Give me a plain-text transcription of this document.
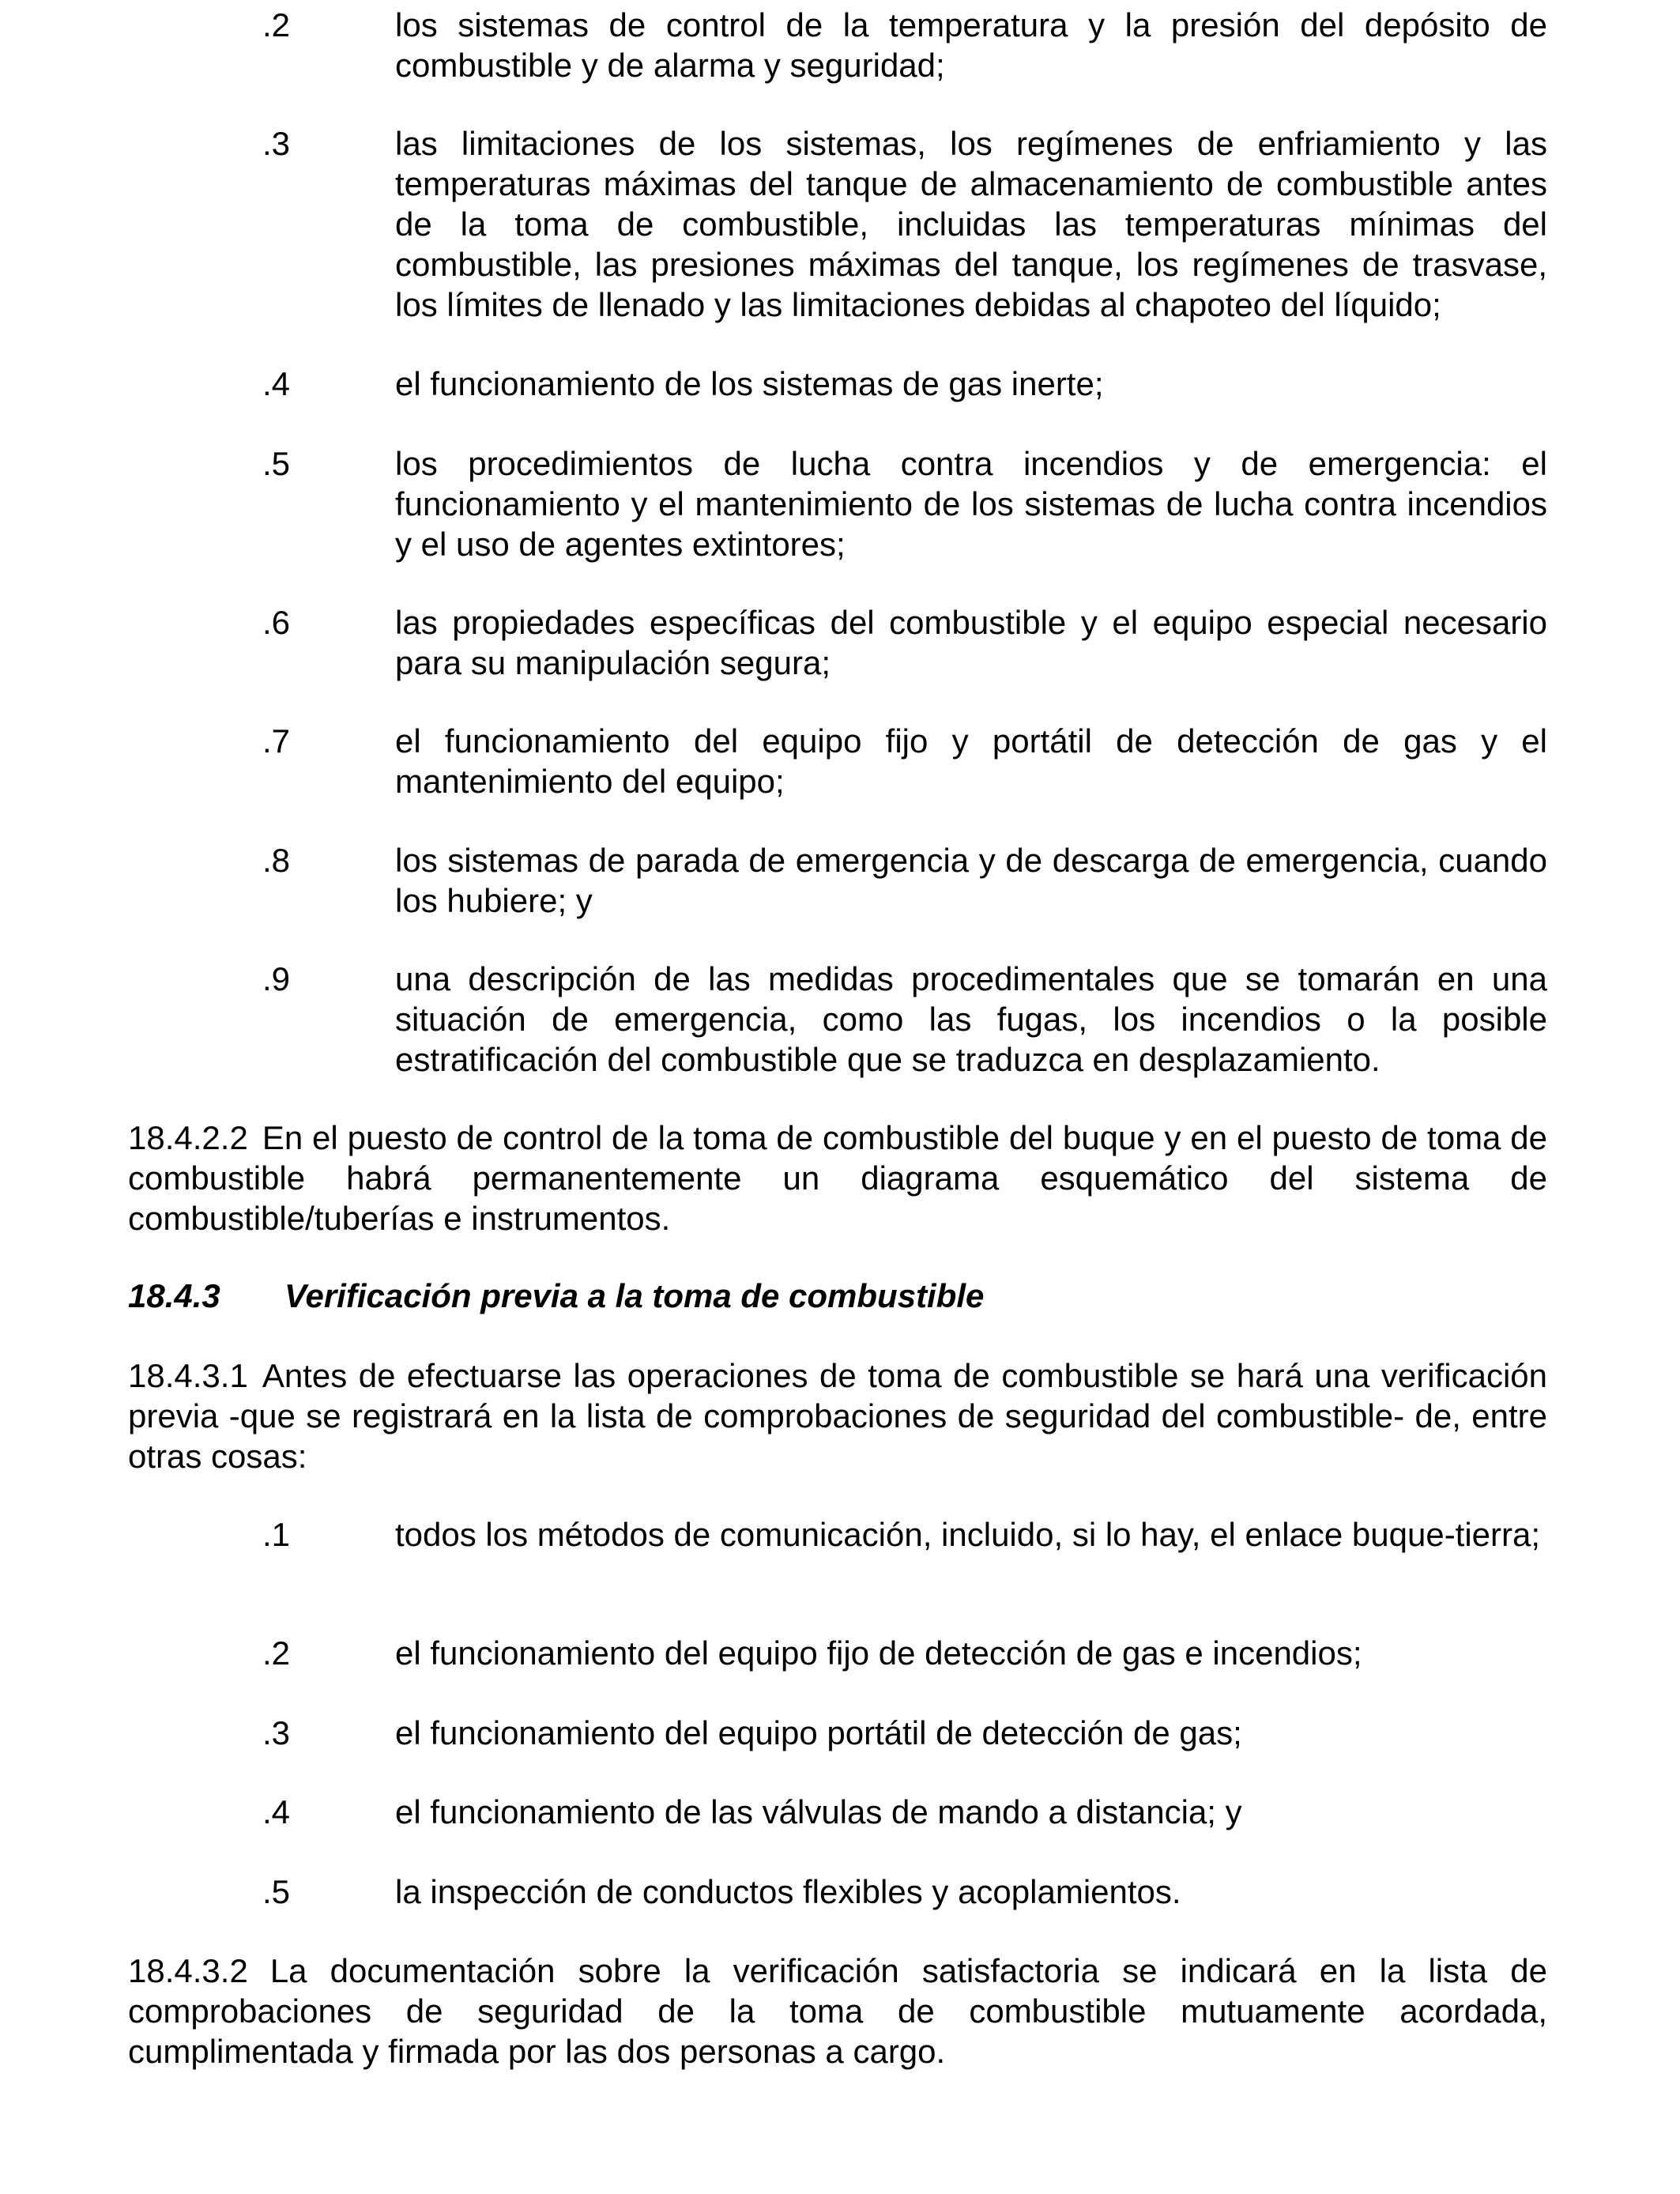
.2	los sistemas de control de la temperatura y la presión del depósito de combustible y de alarma y seguridad;
.3	las limitaciones de los sistemas, los regímenes de enfriamiento y las temperaturas máximas del tanque de almacenamiento de combustible antes de la toma de combustible, incluidas las temperaturas mínimas del combustible, las presiones máximas del tanque, los regímenes de trasvase, los límites de llenado y las limitaciones debidas al chapoteo del líquido;
.4	el funcionamiento de los sistemas de gas inerte;
.5	los procedimientos de lucha contra incendios y de emergencia: el funcionamiento y el mantenimiento de los sistemas de lucha contra incendios y el uso de agentes extintores;
.6	las propiedades específicas del combustible y el equipo especial necesario para su manipulación segura;
.7	el funcionamiento del equipo fijo y portátil de detección de gas y el mantenimiento del equipo;
.8	los sistemas de parada de emergencia y de descarga de emergencia, cuando los hubiere; y
.9	una descripción de las medidas procedimentales que se tomarán en una situación de emergencia, como las fugas, los incendios o la posible estratificación del combustible que se traduzca en desplazamiento.
18.4.2.2 En el puesto de control de la toma de combustible del buque y en el puesto de toma de combustible habrá permanentemente un diagrama esquemático del sistema de combustible/tuberías e instrumentos.
18.4.3 Verificación previa a la toma de combustible
18.4.3.1 Antes de efectuarse las operaciones de toma de combustible se hará una verificación previa -que se registrará en la lista de comprobaciones de seguridad del combustible- de, entre otras cosas:
.1	todos los métodos de comunicación, incluido, si lo hay, el enlace buque-tierra;
.2	el funcionamiento del equipo fijo de detección de gas e incendios;
.3	el funcionamiento del equipo portátil de detección de gas;
.4	el funcionamiento de las válvulas de mando a distancia; y
.5	la inspección de conductos flexibles y acoplamientos.
18.4.3.2 La documentación sobre la verificación satisfactoria se indicará en la lista de comprobaciones de seguridad de la toma de combustible mutuamente acordada, cumplimentada y firmada por las dos personas a cargo.
